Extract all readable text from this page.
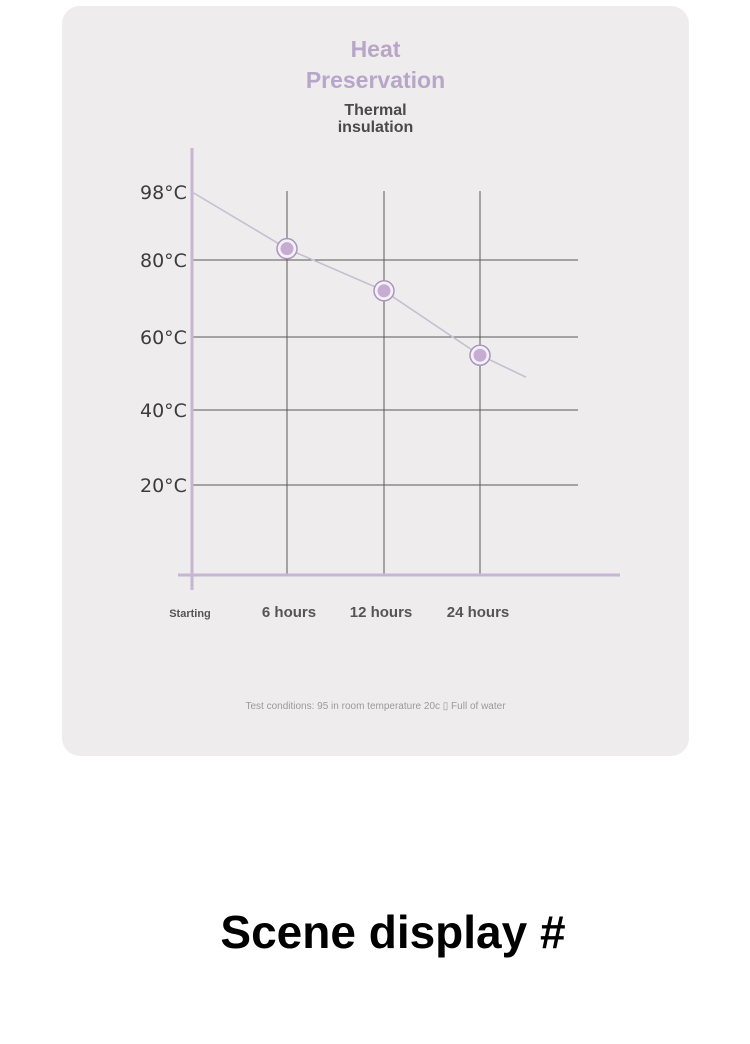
Heat
Preservation
Thermal
insulation
Test conditions: 95 in room temperature 20c ▯ Full of water
98°C
80°C
60°C
40°C
20°C
Starting	6 hours 12 hours 24 hours
Scene display #
